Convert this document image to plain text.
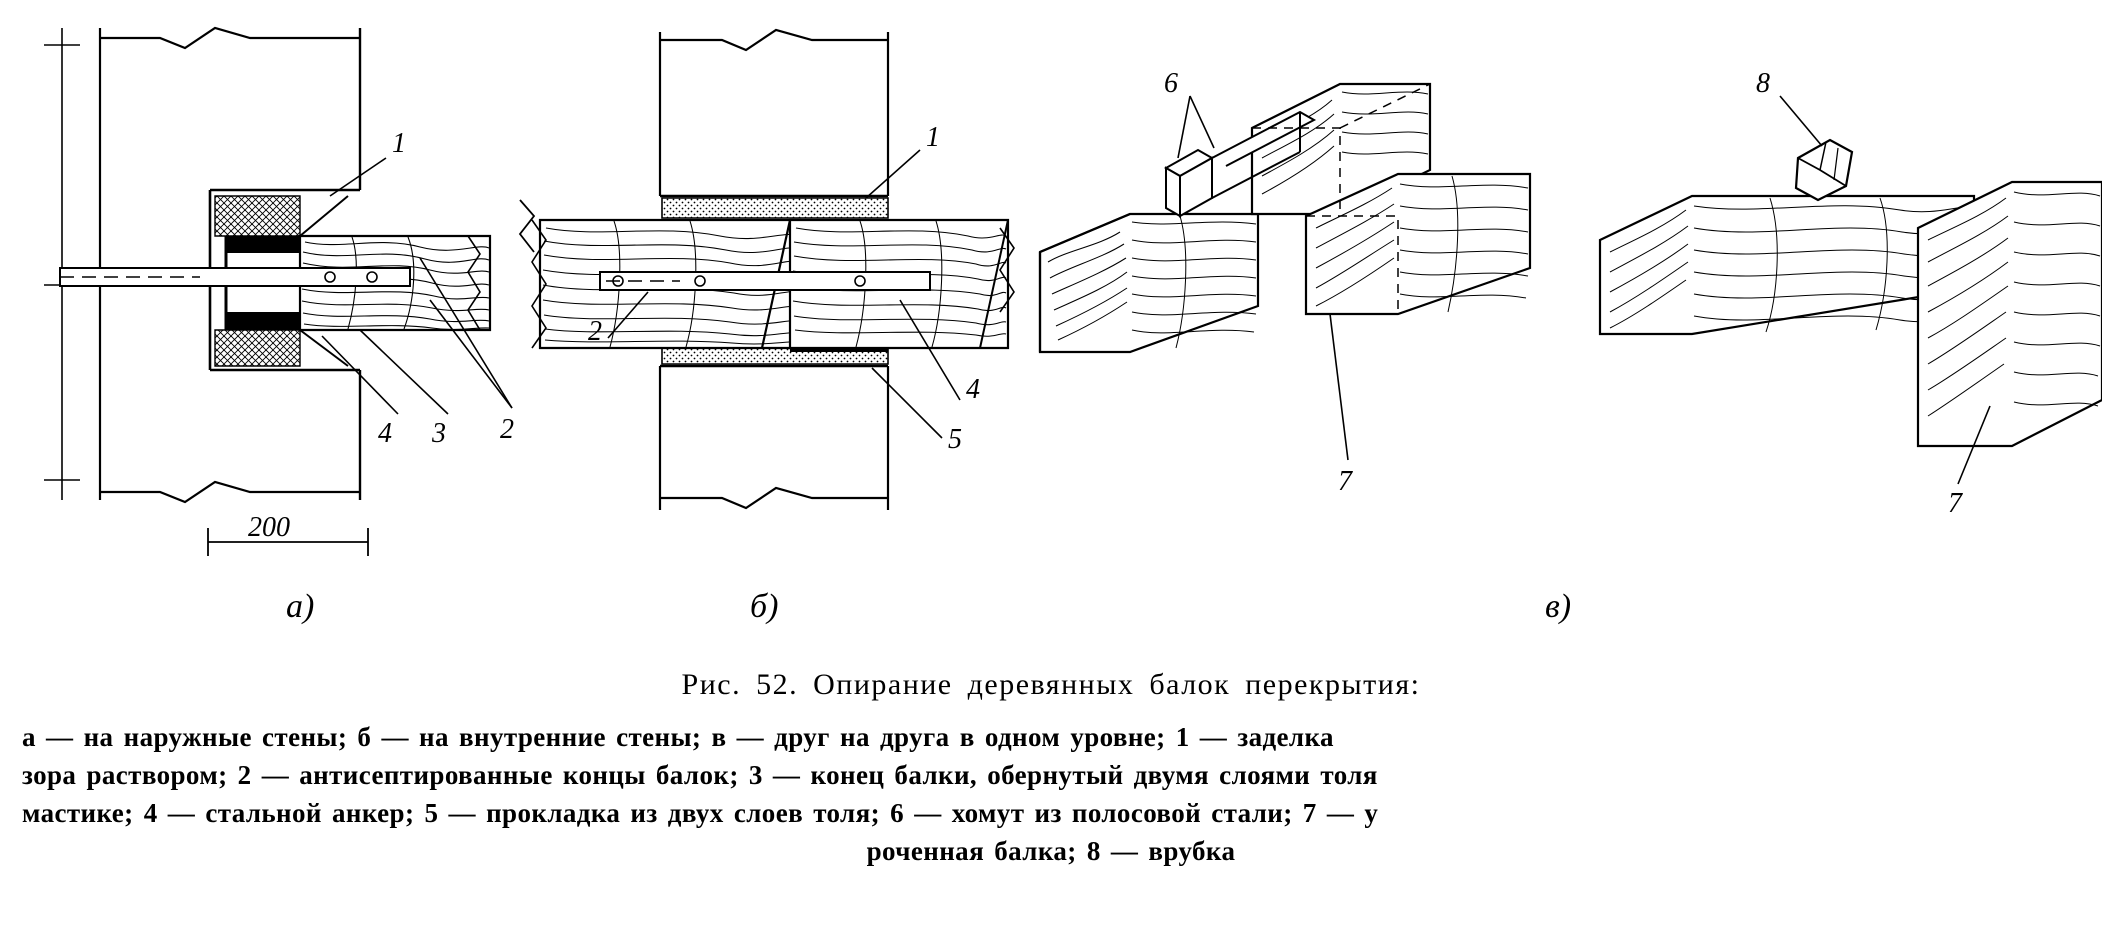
1
4 3 2
200
1
2
4
5
6
7
8
7
а)	б)	в)
Рис. 52. Опирание деревянных балок перекрытия:
а — на наружные стены; б — на внутренние стены; в — друг на друга в одном уровне; 1 — заделка
зора раствором; 2 — антисептированные концы балок; 3 — конец балки, обернутый двумя слоями толя
мастике; 4 — стальной анкер; 5 — прокладка из двух слоев толя; 6 — хомут из полосовой стали; 7 — у
роченная балка; 8 — врубка
